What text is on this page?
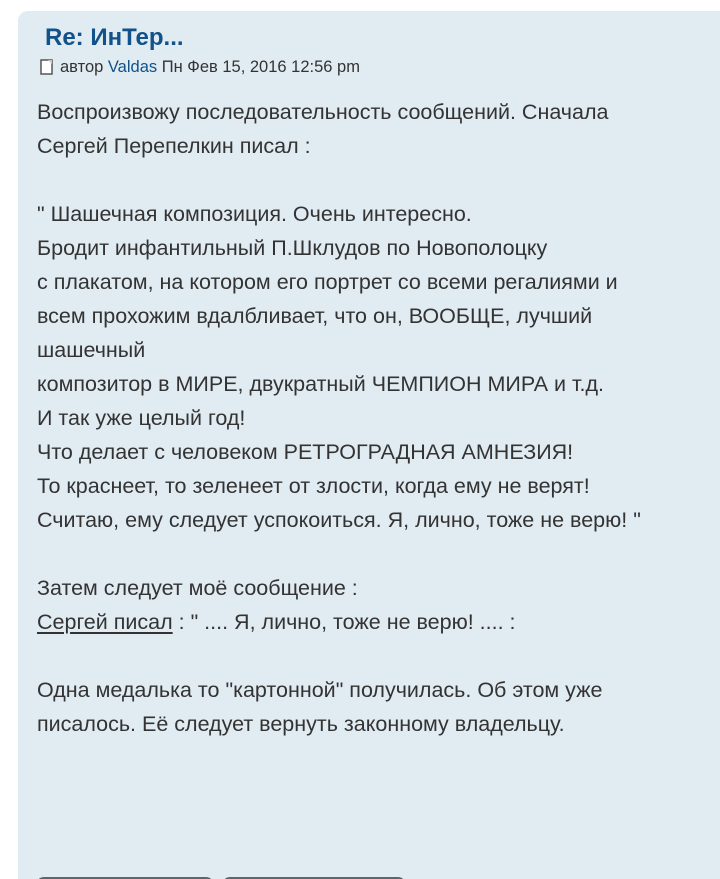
Re: ИнТер...
автор
Valdas
Пн Фев 15, 2016 12:56 pm

Воспроизвожу последовательность сообщений. Сначала

Сергей Перепелкин писал :

" Шашечная композиция. Очень интересно.

Бродит инфантильный П.Шклудов по Новополоцку

с плакатом, на котором его портрет со всеми регалиями и

всем прохожим вдалбливает, что он, ВООБЩЕ, лучший

шашечный

композитор в МИРЕ, двукратный ЧЕМПИОН МИРА и т.д.

И так уже целый год!

Что делает с человеком РЕТРОГРАДНАЯ АМНЕЗИЯ!

То краснеет, то зеленеет от злости, когда ему не верят!

Считаю, ему следует успокоиться. Я, лично, тоже не верю! "

Затем следует моё сообщение :

Сергей писал : " .... Я, лично, тоже не верю! .... :

Одна медалька то "картонной" получилась. Об этом уже

писалось. Её следует вернуть законному владельцу.
